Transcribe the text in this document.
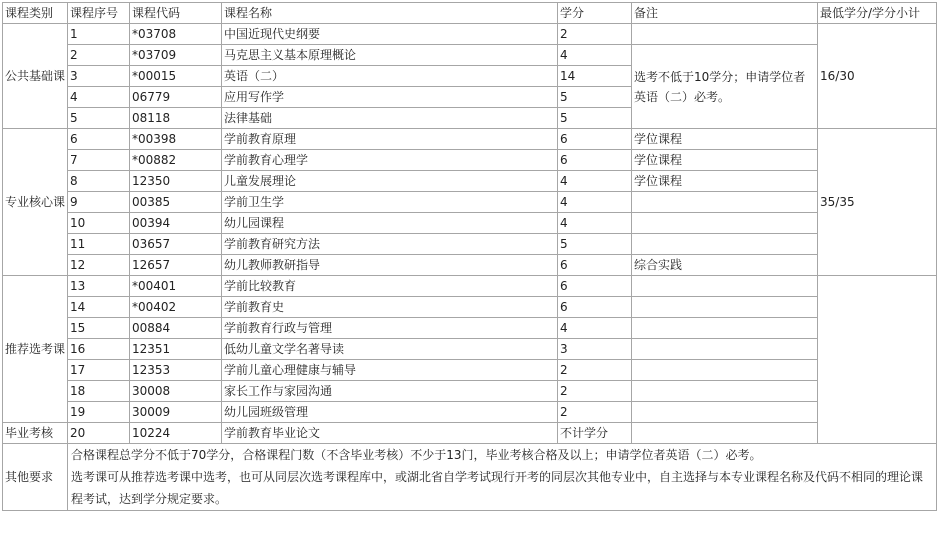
课程类别	课程序号	课程代码	课程名称	学分	备注	最低学分/学分小计
公共基础课	1	*03708	中国近现代史纲要	2		16/30
	2	*03709	马克思主义基本原理概论	4	选考不低于10学分；申请学位者英语（二）必考。	
	3	*00015	英语（二）	14		
	4	06779	应用写作学	5		
	5	08118	法律基础	5		
专业核心课	6	*00398	学前教育原理	6	学位课程	35/35
	7	*00882	学前教育心理学	6	学位课程	
	8	12350	儿童发展理论	4	学位课程	
	9	00385	学前卫生学	4		
	10	00394	幼儿园课程	4		
	11	03657	学前教育研究方法	5		
	12	12657	幼儿教师教研指导	6	综合实践	
推荐选考课	13	*00401	学前比较教育	6		
	14	*00402	学前教育史	6		
	15	00884	学前教育行政与管理	4		
	16	12351	低幼儿童文学名著导读	3		
	17	12353	学前儿童心理健康与辅导	2		
	18	30008	家长工作与家园沟通	2		
	19	30009	幼儿园班级管理	2		
毕业考核	20	10224	学前教育毕业论文	不计学分		
其他要求	合格课程总学分不低于70学分，合格课程门数（不含毕业考核）不少于13门，毕业考核合格及以上；申请学位者英语（二）必考。
选考课可从推荐选考课中选考，也可从同层次选考课程库中，或湖北省自学考试现行开考的同层次其他专业中，自主选择与本专业课程名称及代码不相同的理论课程考试，达到学分规定要求。					
